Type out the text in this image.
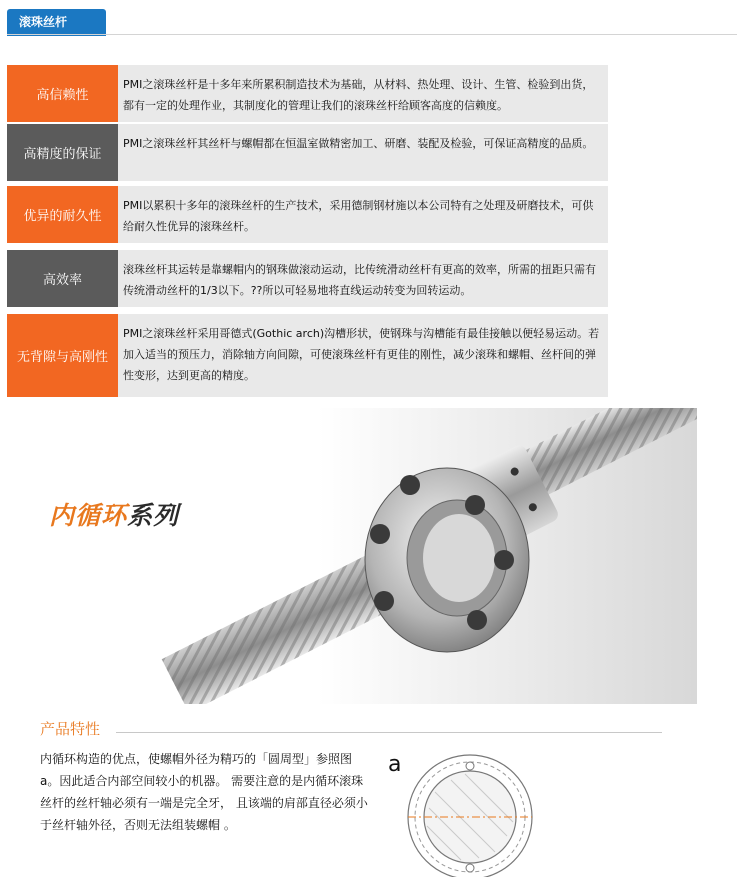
滚珠丝杆
高信赖性
PMI之滚珠丝杆是十多年来所累积制造技术为基础，从材料、热处理、设计、生管、检验到出货，都有一定的处理作业，其制度化的管理让我们的滚珠丝杆给顾客高度的信赖度。
高精度的保证
PMI之滚珠丝杆其丝杆与螺帽都在恒温室做精密加工、研磨、装配及检验，可保证高精度的品质。
优异的耐久性
PMI以累积十多年的滚珠丝杆的生产技术，采用德制钢材施以本公司特有之处理及研磨技术，可供给耐久性优异的滚珠丝杆。
高效率
滚珠丝杆其运转是靠螺帽内的钢珠做滚动运动，比传统滑动丝杆有更高的效率，所需的扭距只需有传统滑动丝杆的1/3以下。??所以可轻易地将直线运动转变为回转运动。
无背隙与高刚性
PMI之滚珠丝杆采用哥德式(Gothic arch)沟槽形状，使钢珠与沟槽能有最佳接触以便轻易运动。若加入适当的预压力，消除轴方向间隙，可使滚珠丝杆有更佳的刚性，减少滚珠和螺帽、丝杆间的弹性变形，达到更高的精度。
内循环系列
产品特性
内循环构造的优点，使螺帽外径为精巧的「圆周型」参照图a。因此适合内部空间较小的机器。 需要注意的是内循环滚珠丝杆的丝杆轴必须有一端是完全牙， 且该端的肩部直径必须小于丝杆轴外径，否则无法组装螺帽 。
a
